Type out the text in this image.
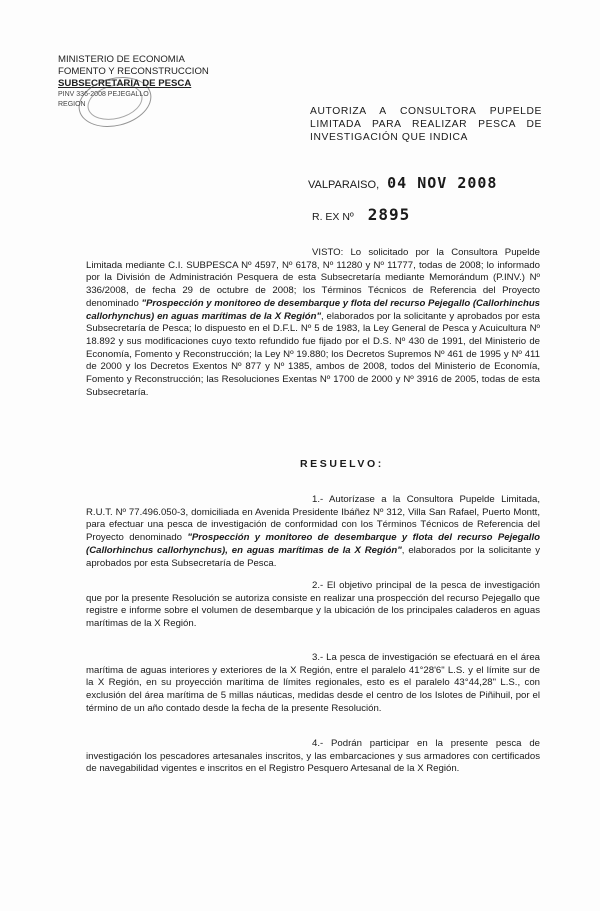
MINISTERIO DE ECONOMIA
FOMENTO Y RECONSTRUCCION
SUBSECRETARIA DE PESCA
PINV 336-2008 PEJEGALLO
REGION
AUTORIZA A CONSULTORA PUPELDE LIMITADA PARA REALIZAR PESCA DE INVESTIGACIÓN QUE INDICA
VALPARAISO, 04 NOV 2008
R. EX Nº 2895
VISTO: Lo solicitado por la Consultora Pupelde Limitada mediante C.I. SUBPESCA Nº 4597, Nº 6178, Nº 11280 y Nº 11777, todas de 2008; lo informado por la División de Administración Pesquera de esta Subsecretaría mediante Memorándum (P.INV.) Nº 336/2008, de fecha 29 de octubre de 2008; los Términos Técnicos de Referencia del Proyecto denominado "Prospección y monitoreo de desembarque y flota del recurso Pejegallo (Callorhinchus callorhynchus) en aguas marítimas de la X Región", elaborados por la solicitante y aprobados por esta Subsecretaría de Pesca; lo dispuesto en el D.F.L. Nº 5 de 1983, la Ley General de Pesca y Acuicultura Nº 18.892 y sus modificaciones cuyo texto refundido fue fijado por el D.S. Nº 430 de 1991, del Ministerio de Economía, Fomento y Reconstrucción; la Ley Nº 19.880; los Decretos Supremos Nº 461 de 1995 y Nº 411 de 2000 y los Decretos Exentos Nº 877 y Nº 1385, ambos de 2008, todos del Ministerio de Economía, Fomento y Reconstrucción; las Resoluciones Exentas Nº 1700 de 2000 y Nº 3916 de 2005, todas de esta Subsecretaría.
RESUELVO:
1.- Autorízase a la Consultora Pupelde Limitada, R.U.T. Nº 77.496.050-3, domiciliada en Avenida Presidente Ibáñez Nº 312, Villa San Rafael, Puerto Montt, para efectuar una pesca de investigación de conformidad con los Términos Técnicos de Referencia del Proyecto denominado "Prospección y monitoreo de desembarque y flota del recurso Pejegallo (Callorhinchus callorhynchus), en aguas marítimas de la X Región", elaborados por la solicitante y aprobados por esta Subsecretaría de Pesca.
2.- El objetivo principal de la pesca de investigación que por la presente Resolución se autoriza consiste en realizar una prospección del recurso Pejegallo que registre e informe sobre el volumen de desembarque y la ubicación de los principales caladeros en aguas marítimas de la X Región.
3.- La pesca de investigación se efectuará en el área marítima de aguas interiores y exteriores de la X Región, entre el paralelo 41°28'6" L.S. y el límite sur de la X Región, en su proyección marítima de límites regionales, esto es el paralelo 43°44,28" L.S., con exclusión del área marítima de 5 millas náuticas, medidas desde el centro de los Islotes de Piñihuil, por el término de un año contado desde la fecha de la presente Resolución.
4.- Podrán participar en la presente pesca de investigación los pescadores artesanales inscritos, y las embarcaciones y sus armadores con certificados de navegabilidad vigentes e inscritos en el Registro Pesquero Artesanal de la X Región.
